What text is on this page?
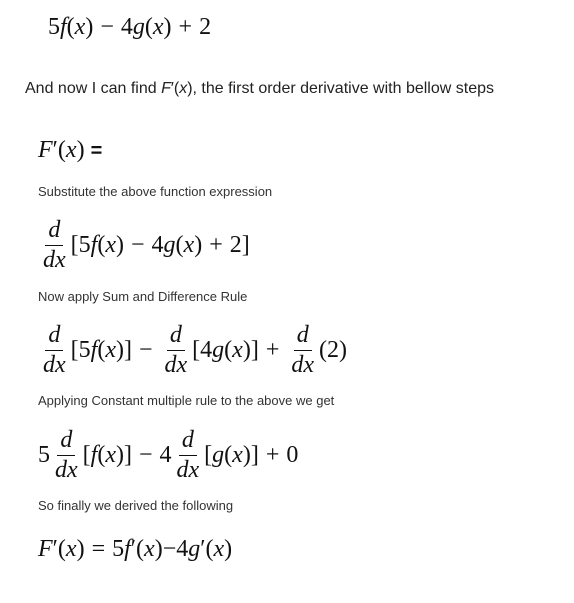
5f(x) − 4g(x) + 2
And now I can find F′(x), the first order derivative with bellow steps
F′(x) =
Substitute the above function expression
$\frac{d}{dx} [5f(x) - 4g(x) + 2]$
Now apply Sum and Difference Rule
$\frac{d}{dx} [5f(x)] - \frac{d}{dx} [4g(x)] + \frac{d}{dx} (2)$
Applying Constant multiple rule to the above we get
$5 \frac{d}{dx} [f(x)] - 4 \frac{d}{dx} [g(x)] + 0$
So finally we derived the following
F′(x) = 5f′(x)−4g′(x)
